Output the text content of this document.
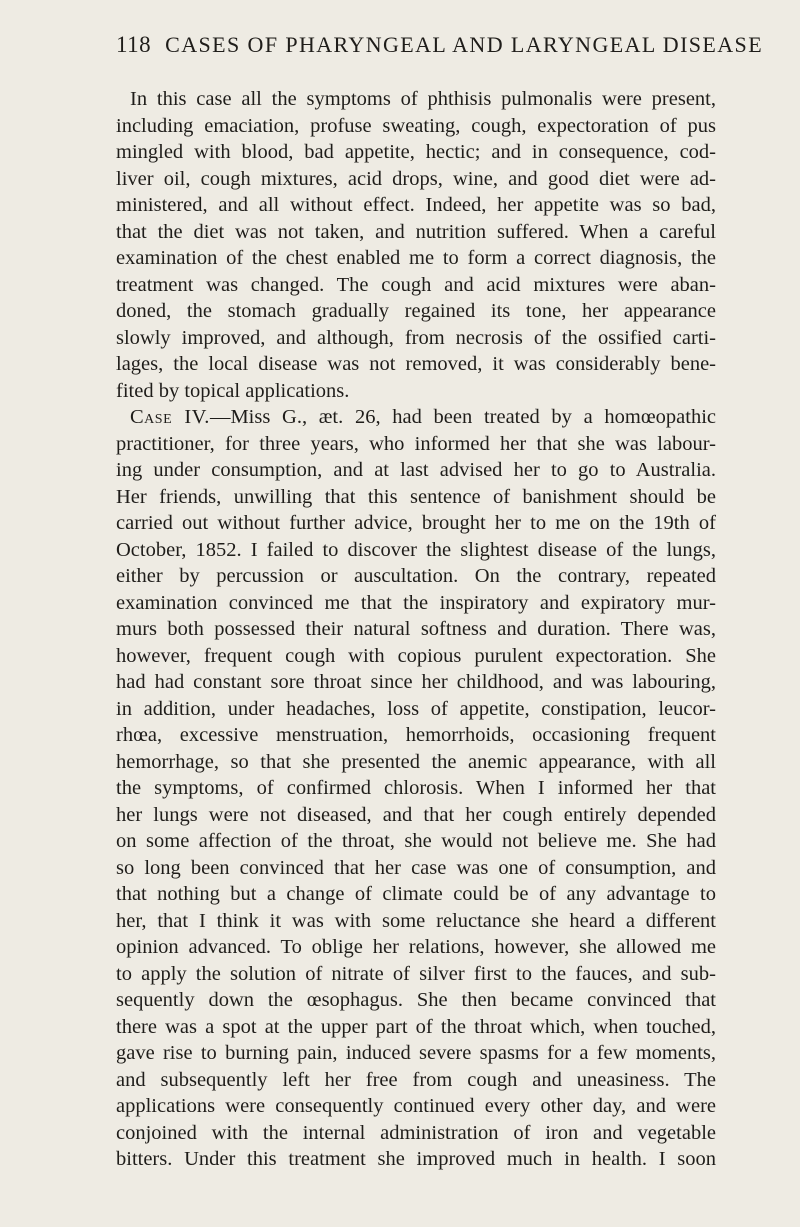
118 CASES OF PHARYNGEAL AND LARYNGEAL DISEASE
In this case all the symptoms of phthisis pulmonalis were present,
including emaciation, profuse sweating, cough, expectoration of pus
mingled with blood, bad appetite, hectic; and in consequence, cod-
liver oil, cough mixtures, acid drops, wine, and good diet were ad-
ministered, and all without effect. Indeed, her appetite was so bad,
that the diet was not taken, and nutrition suffered. When a careful
examination of the chest enabled me to form a correct diagnosis, the
treatment was changed. The cough and acid mixtures were aban-
doned, the stomach gradually regained its tone, her appearance
slowly improved, and although, from necrosis of the ossified carti-
lages, the local disease was not removed, it was considerably bene-
fited by topical applications.
Case IV.—Miss G., æt. 26, had been treated by a homœopathic
practitioner, for three years, who informed her that she was labour-
ing under consumption, and at last advised her to go to Australia.
Her friends, unwilling that this sentence of banishment should be
carried out without further advice, brought her to me on the 19th of
October, 1852. I failed to discover the slightest disease of the lungs,
either by percussion or auscultation. On the contrary, repeated
examination convinced me that the inspiratory and expiratory mur-
murs both possessed their natural softness and duration. There was,
however, frequent cough with copious purulent expectoration. She
had had constant sore throat since her childhood, and was labouring,
in addition, under headaches, loss of appetite, constipation, leucor-
rhœa, excessive menstruation, hemorrhoids, occasioning frequent
hemorrhage, so that she presented the anemic appearance, with all
the symptoms, of confirmed chlorosis. When I informed her that
her lungs were not diseased, and that her cough entirely depended
on some affection of the throat, she would not believe me. She had
so long been convinced that her case was one of consumption, and
that nothing but a change of climate could be of any advantage to
her, that I think it was with some reluctance she heard a different
opinion advanced. To oblige her relations, however, she allowed me
to apply the solution of nitrate of silver first to the fauces, and sub-
sequently down the œsophagus. She then became convinced that
there was a spot at the upper part of the throat which, when touched,
gave rise to burning pain, induced severe spasms for a few moments,
and subsequently left her free from cough and uneasiness. The
applications were consequently continued every other day, and were
conjoined with the internal administration of iron and vegetable
bitters. Under this treatment she improved much in health. I soon
